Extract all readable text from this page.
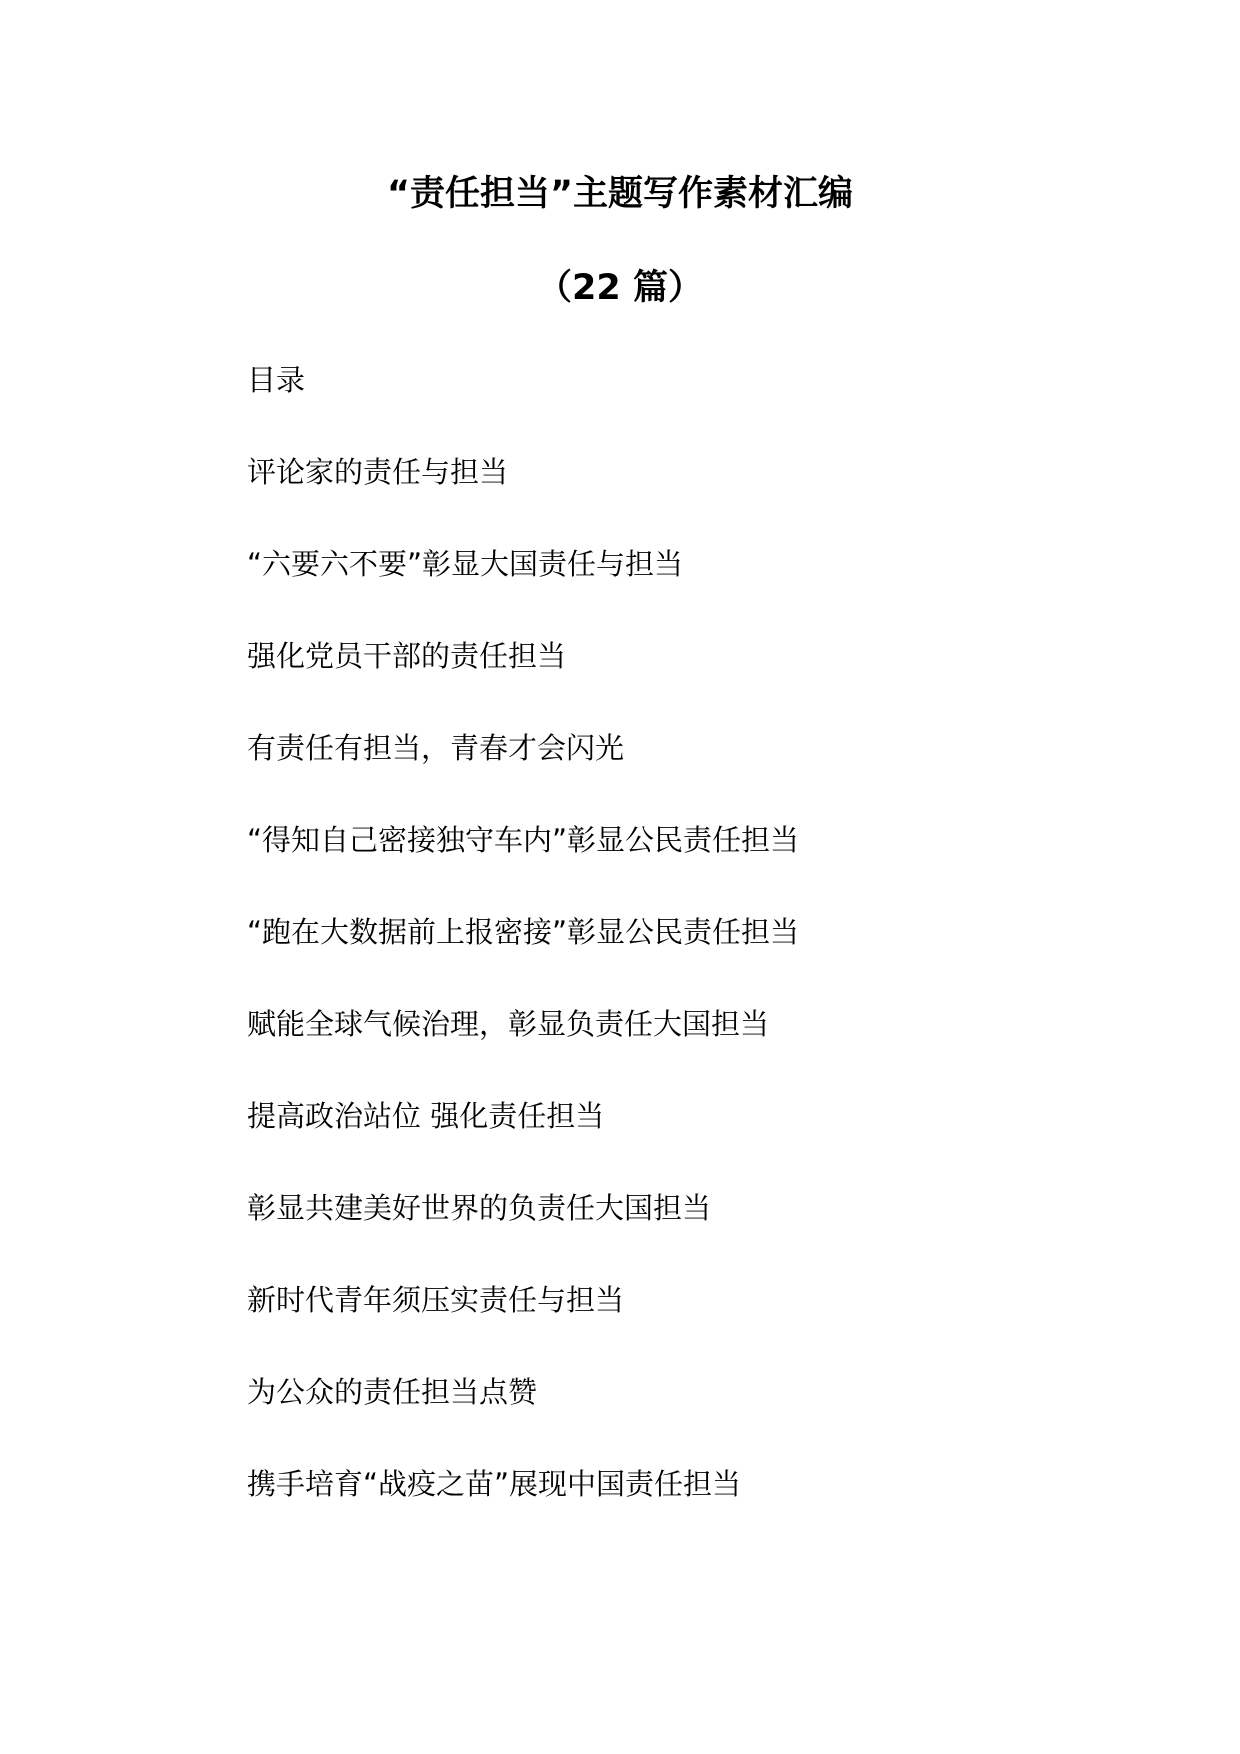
“责任担当”主题写作素材汇编
（22 篇）
目录
评论家的责任与担当
“六要六不要”彰显大国责任与担当
强化党员干部的责任担当
有责任有担当，青春才会闪光
“得知自己密接独守车内”彰显公民责任担当
“跑在大数据前上报密接”彰显公民责任担当
赋能全球气候治理，彰显负责任大国担当
提高政治站位 强化责任担当
彰显共建美好世界的负责任大国担当
新时代青年须压实责任与担当
为公众的责任担当点赞
携手培育“战疫之苗”展现中国责任担当
